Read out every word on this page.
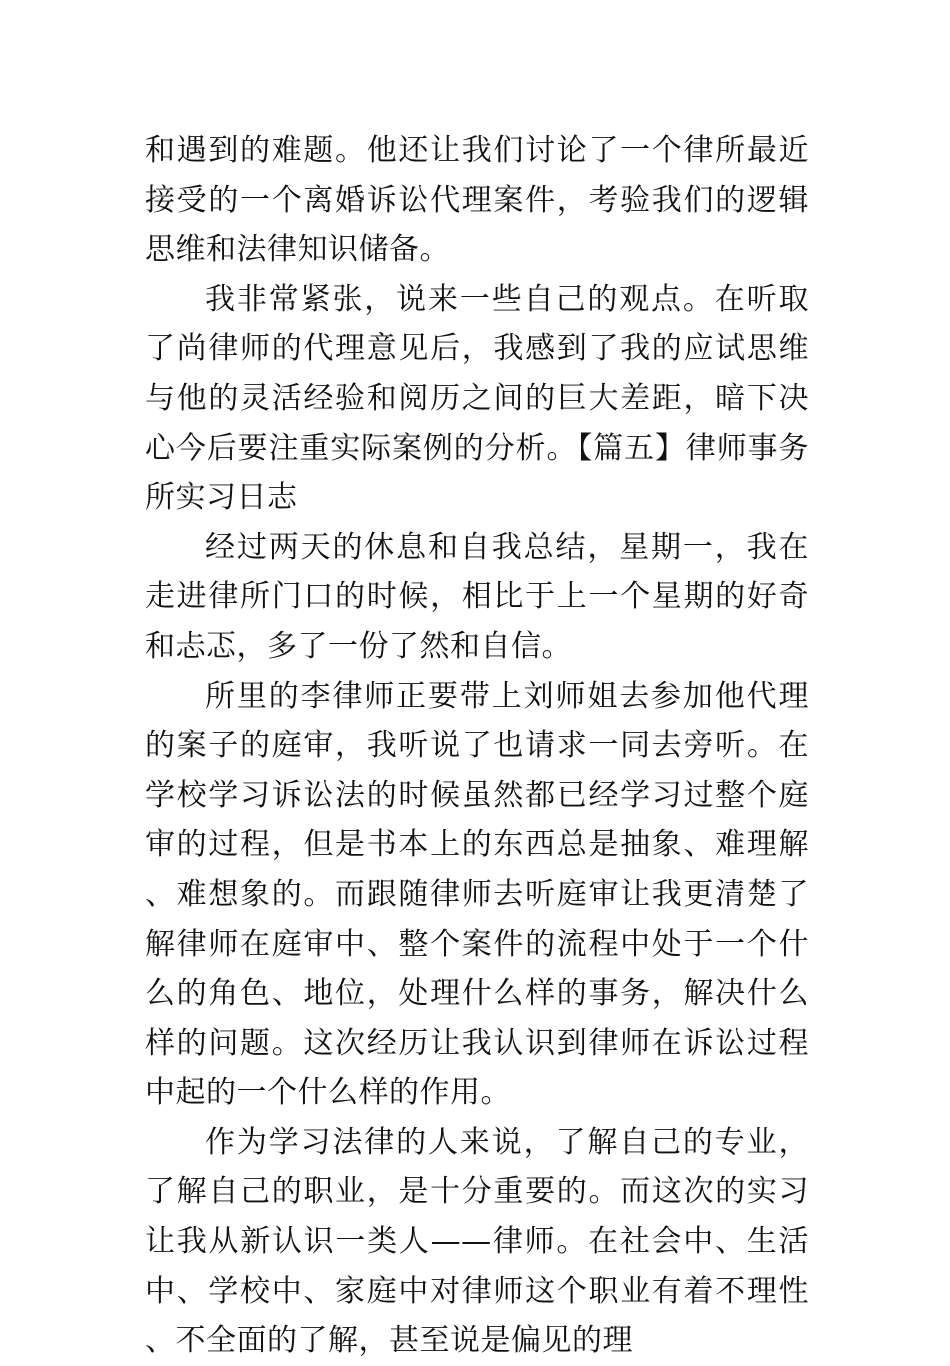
和遇到的难题。他还让我们讨论了一个律所最近接受的一个离婚诉讼代理案件，考验我们的逻辑思维和法律知识储备。

我非常紧张，说来一些自己的观点。在听取了尚律师的代理意见后，我感到了我的应试思维与他的灵活经验和阅历之间的巨大差距，暗下决心今后要注重实际案例的分析。【篇五】律师事务所实习日志

经过两天的休息和自我总结，星期一，我在走进律所门口的时候，相比于上一个星期的好奇和忐忑，多了一份了然和自信。

所里的李律师正要带上刘师姐去参加他代理的案子的庭审，我听说了也请求一同去旁听。在学校学习诉讼法的时候虽然都已经学习过整个庭审的过程，但是书本上的东西总是抽象、难理解、难想象的。而跟随律师去听庭审让我更清楚了解律师在庭审中、整个案件的流程中处于一个什么的角色、地位，处理什么样的事务，解决什么样的问题。这次经历让我认识到律师在诉讼过程中起的一个什么样的作用。

作为学习法律的人来说，了解自己的专业，了解自己的职业，是十分重要的。而这次的实习让我从新认识一类人——律师。在社会中、生活中、学校中、家庭中对律师这个职业有着不理性、不全面的了解，甚至说是偏见的理
